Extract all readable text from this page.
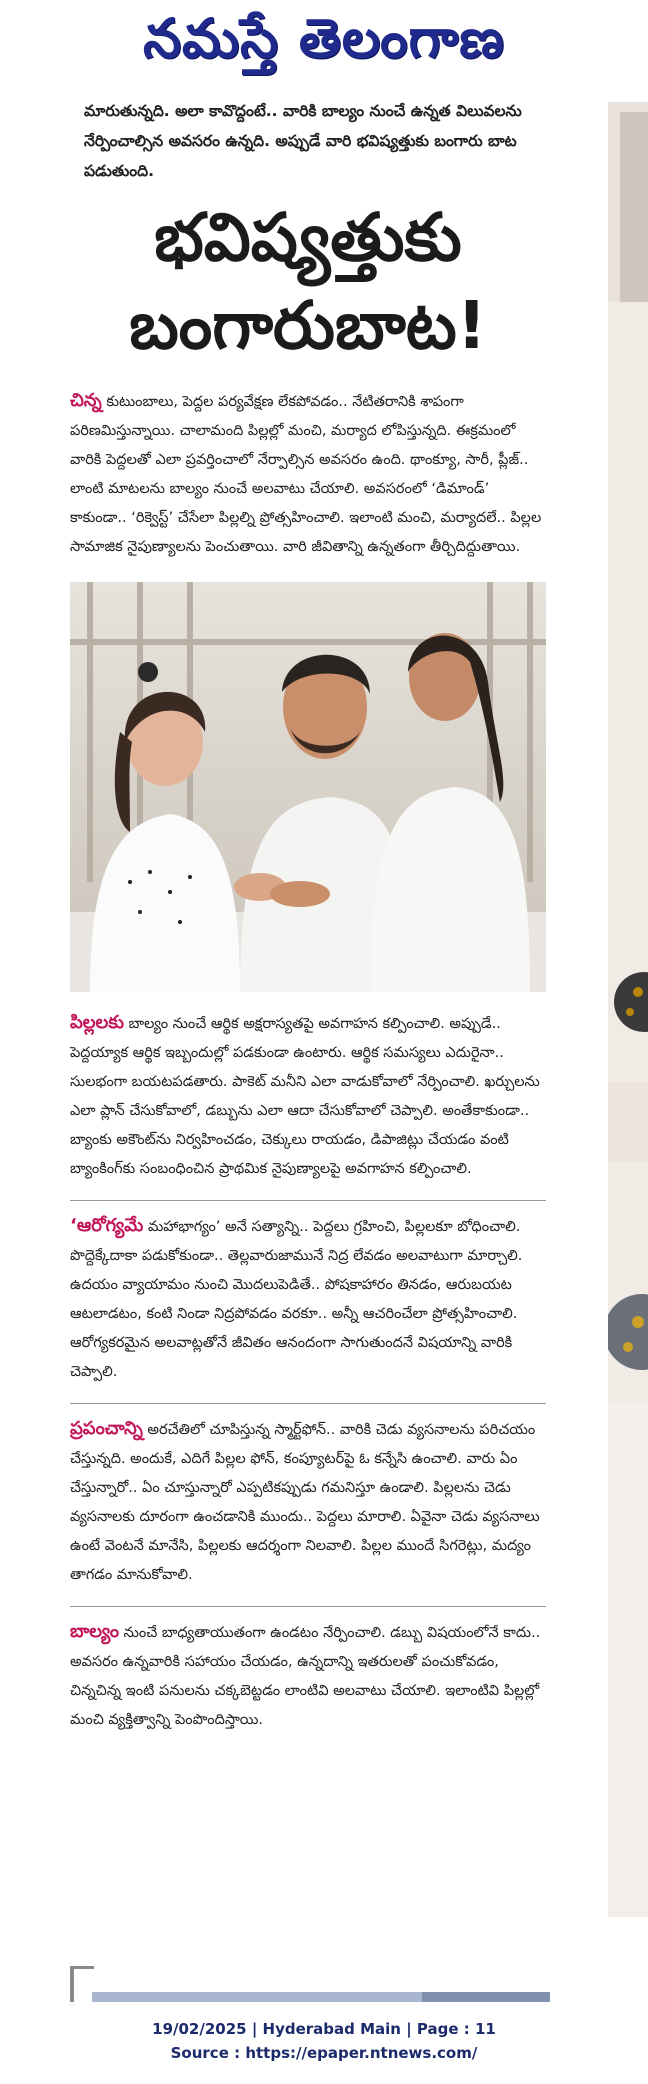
నమస్తే తెలంగాణ

మారుతున్నది. అలా కావొద్దంటే.. వారికి బాల్యం నుంచే ఉన్నత విలువలను నేర్పించాల్సిన అవసరం ఉన్నది. అప్పుడే వారి భవిష్యత్తుకు బంగారు బాట పడుతుంది.

భవిష్యత్తుకు
బంగారుబాట!

చిన్న కుటుంబాలు, పెద్దల పర్యవేక్షణ లేకపోవడం.. నేటితరానికి శాపంగా పరిణమిస్తున్నాయి. చాలామంది పిల్లల్లో మంచి, మర్యాద లోపిస్తున్నది. ఈక్రమంలో వారికి పెద్దలతో ఎలా ప్రవర్తించాలో నేర్పాల్సిన అవసరం ఉంది. థాంక్యూ, సారీ, ప్లీజ్.. లాంటి మాటలను బాల్యం నుంచే అలవాటు చేయాలి. అవసరంలో ‘డిమాండ్’ కాకుండా.. ‘రిక్వెస్ట్’ చేసేలా పిల్లల్ని ప్రోత్సహించాలి. ఇలాంటి మంచి, మర్యాదలే.. పిల్లల సామాజిక నైపుణ్యాలను పెంచుతాయి. వారి జీవితాన్ని ఉన్నతంగా తీర్చిదిద్దుతాయి.

పిల్లలకు బాల్యం నుంచే ఆర్థిక అక్షరాస్యతపై అవగాహన కల్పించాలి. అప్పుడే.. పెద్దయ్యాక ఆర్థిక ఇబ్బందుల్లో పడకుండా ఉంటారు. ఆర్థిక సమస్యలు ఎదురైనా.. సులభంగా బయటపడతారు. పాకెట్ మనీని ఎలా వాడుకోవాలో నేర్పించాలి. ఖర్చులను ఎలా ప్లాన్ చేసుకోవాలో, డబ్బును ఎలా ఆదా చేసుకోవాలో చెప్పాలి. అంతేకాకుండా.. బ్యాంకు అకౌంట్‌ను నిర్వహించడం, చెక్కులు రాయడం, డిపాజిట్లు చేయడం వంటి బ్యాంకింగ్‌కు సంబంధించిన ప్రాథమిక నైపుణ్యాలపై అవగాహన కల్పించాలి.

‘ఆరోగ్యమే మహాభాగ్యం’ అనే సత్యాన్ని.. పెద్దలు గ్రహించి, పిల్లలకూ బోధించాలి. పొద్దెక్కేదాకా పడుకోకుండా.. తెల్లవారుజామునే నిద్ర లేవడం అలవాటుగా మార్చాలి. ఉదయం వ్యాయామం నుంచి మొదలుపెడితే.. పోషకాహారం తినడం, ఆరుబయట ఆటలాడటం, కంటి నిండా నిద్రపోవడం వరకూ.. అన్నీ ఆచరించేలా ప్రోత్సహించాలి. ఆరోగ్యకరమైన అలవాట్లతోనే జీవితం ఆనందంగా సాగుతుందనే విషయాన్ని వారికి చెప్పాలి.

ప్రపంచాన్ని అరచేతిలో చూపిస్తున్న స్మార్ట్‌ఫోన్.. వారికి చెడు వ్యసనాలను పరిచయం చేస్తున్నది. అందుకే, ఎదిగే పిల్లల ఫోన్, కంప్యూటర్‌పై ఓ కన్నేసి ఉంచాలి. వారు ఏం చేస్తున్నారో.. ఏం చూస్తున్నారో ఎప్పటికప్పుడు గమనిస్తూ ఉండాలి. పిల్లలను చెడు వ్యసనాలకు దూరంగా ఉంచడానికి ముందు.. పెద్దలు మారాలి. ఏవైనా చెడు వ్యసనాలు ఉంటే వెంటనే మానేసి, పిల్లలకు ఆదర్శంగా నిలవాలి. పిల్లల ముందే సిగరెట్లు, మద్యం తాగడం మానుకోవాలి.

బాల్యం నుంచే బాధ్యతాయుతంగా ఉండటం నేర్పించాలి. డబ్బు విషయంలోనే కాదు.. అవసరం ఉన్నవారికి సహాయం చేయడం, ఉన్నదాన్ని ఇతరులతో పంచుకోవడం, చిన్నచిన్న ఇంటి పనులను చక్కబెట్టడం లాంటివి అలవాటు చేయాలి. ఇలాంటివి పిల్లల్లో మంచి వ్యక్తిత్వాన్ని పెంపొందిస్తాయి.

19/02/2025 | Hyderabad Main | Page : 11
Source : https://epaper.ntnews.com/
